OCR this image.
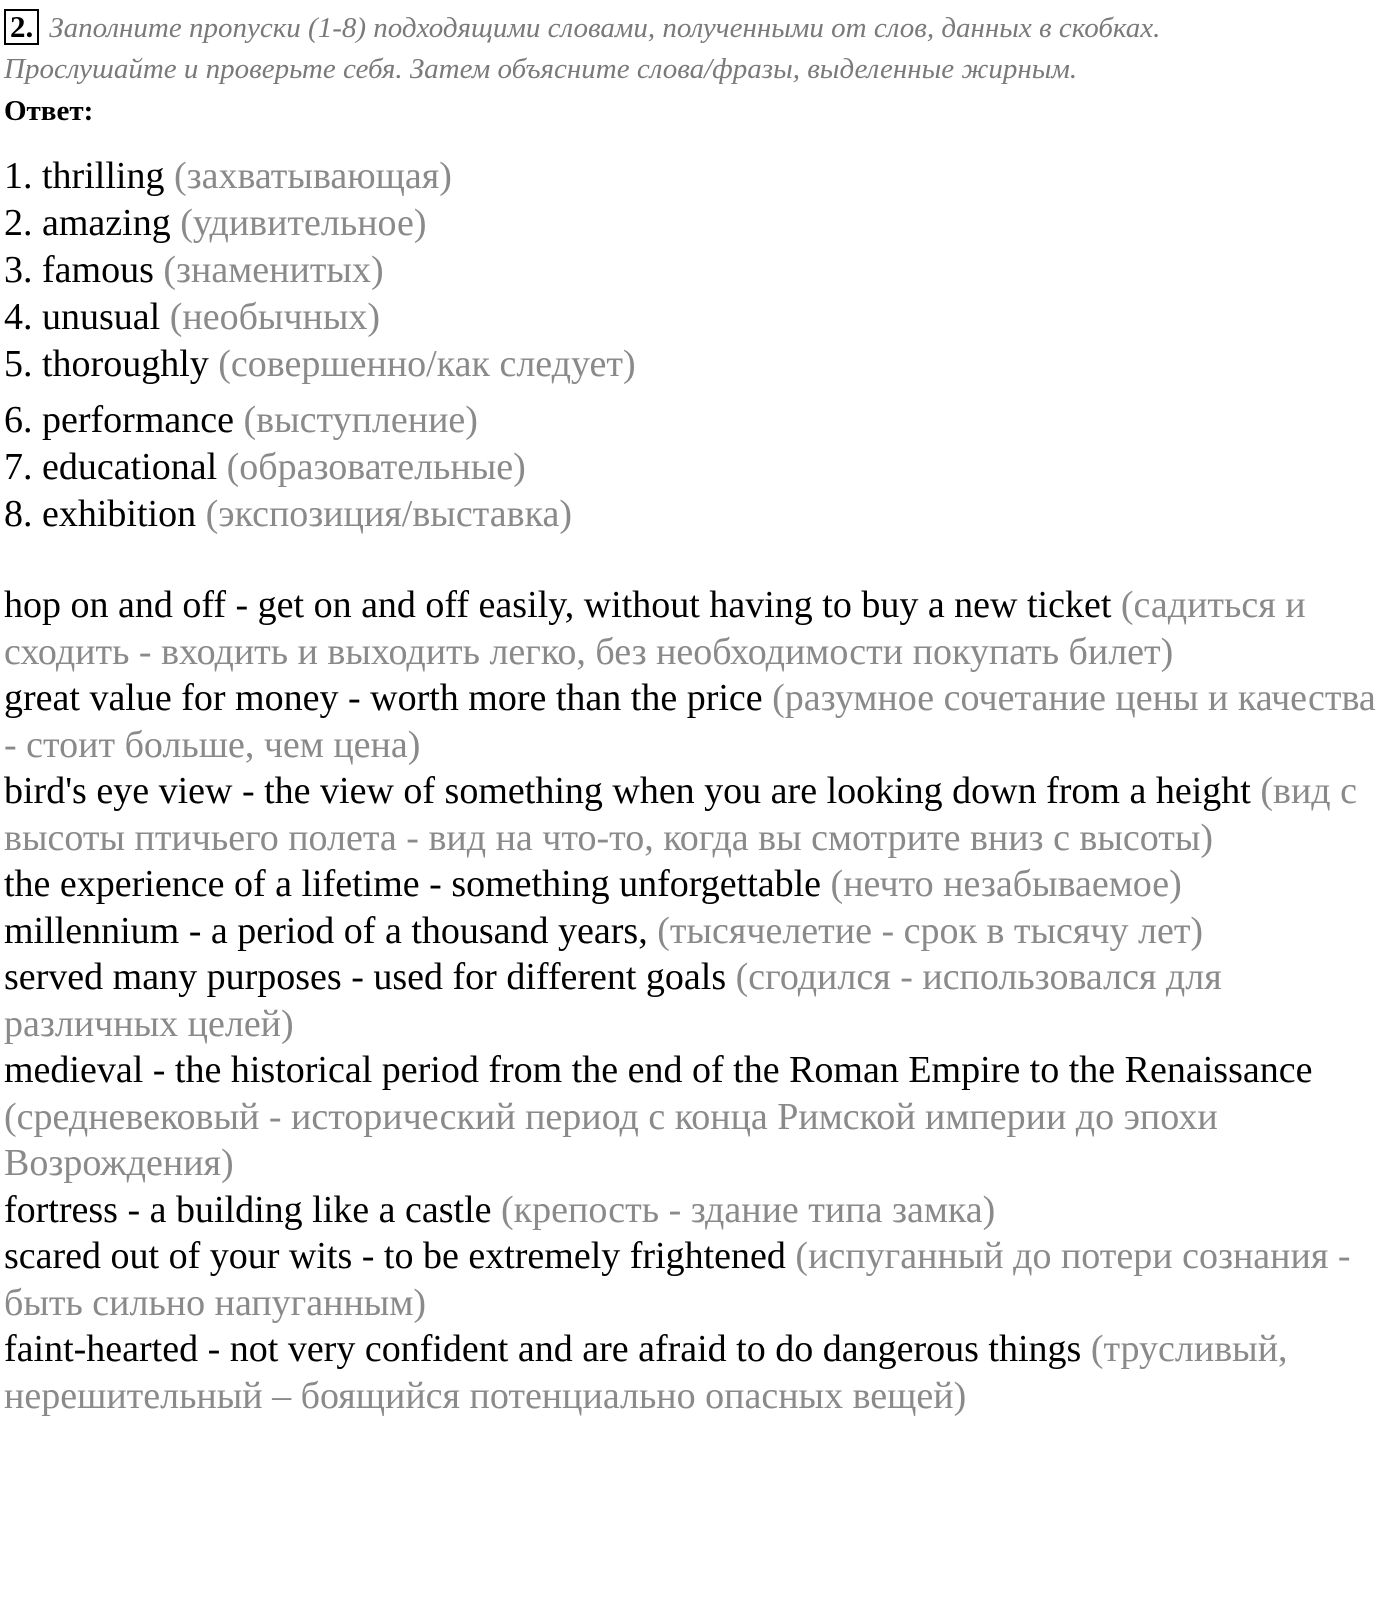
2. Заполните пропуски (1-8) подходящими словами, полученными от слов, данных в скобках. Прослушайте и проверьте себя. Затем объясните слова/фразы, выделенные жирным.

Ответ:
1. thrilling (захватывающая)
2. amazing (удивительное)
3. famous (знаменитых)
4. unusual (необычных)
5. thoroughly (совершенно/как следует)
6. performance (выступление)
7. educational (образовательные)
8. exhibition (экспозиция/выставка)
hop on and off - get on and off easily, without having to buy a new ticket (садиться и сходить - входить и выходить легко, без необходимости покупать билет)
great value for money - worth more than the price (разумное сочетание цены и качества - стоит больше, чем цена)
bird's eye view - the view of something when you are looking down from a height (вид с высоты птичьего полета - вид на что-то, когда вы смотрите вниз с высоты)
the experience of a lifetime - something unforgettable (нечто незабываемое)
millennium - a period of a thousand years, (тысячелетие - срок в тысячу лет)
served many purposes - used for different goals (сгодился - использовался для различных целей)
medieval - the historical period from the end of the Roman Empire to the Renaissance (средневековый - исторический период с конца Римской империи до эпохи Возрождения)
fortress - a building like a castle (крепость - здание типа замка)
scared out of your wits - to be extremely frightened (испуганный до потери сознания - быть сильно напуганным)
faint-hearted - not very confident and are afraid to do dangerous things (трусливый, нерешительный – боящийся потенциально опасных вещей)
